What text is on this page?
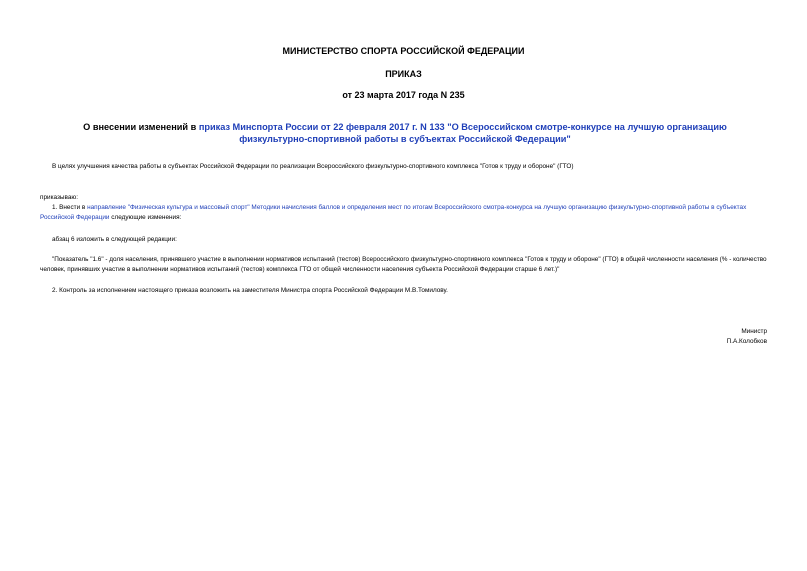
МИНИСТЕРСТВО СПОРТА РОССИЙСКОЙ ФЕДЕРАЦИИ
ПРИКАЗ
от 23 марта 2017 года N 235
О внесении изменений в приказ Минспорта России от 22 февраля 2017 г. N 133 "О Всероссийском смотре-конкурсе на лучшую организацию физкультурно-спортивной работы в субъектах Российской Федерации"
В целях улучшения качества работы в субъектах Российской Федерации по реализации Всероссийского физкультурно-спортивного комплекса "Готов к труду и обороне" (ГТО)
приказываю:
1. Внести в направление "Физическая культура и массовый спорт" Методики начисления баллов и определения мест по итогам Всероссийского смотра-конкурса на лучшую организацию физкультурно-спортивной работы в субъектах Российской Федерации следующие изменения:
абзац 6 изложить в следующей редакции:
"Показатель "1.6" - доля населения, принявшего участие в выполнении нормативов испытаний (тестов) Всероссийского физкультурно-спортивного комплекса "Готов к труду и обороне" (ГТО) в общей численности населения (% - количество человек, принявших участие в выполнении нормативов испытаний (тестов) комплекса ГТО от общей численности населения субъекта Российской Федерации старше 6 лет.)"
2. Контроль за исполнением настоящего приказа возложить на заместителя Министра спорта Российской Федерации М.В.Томилову.
Министр
П.А.Колобков
